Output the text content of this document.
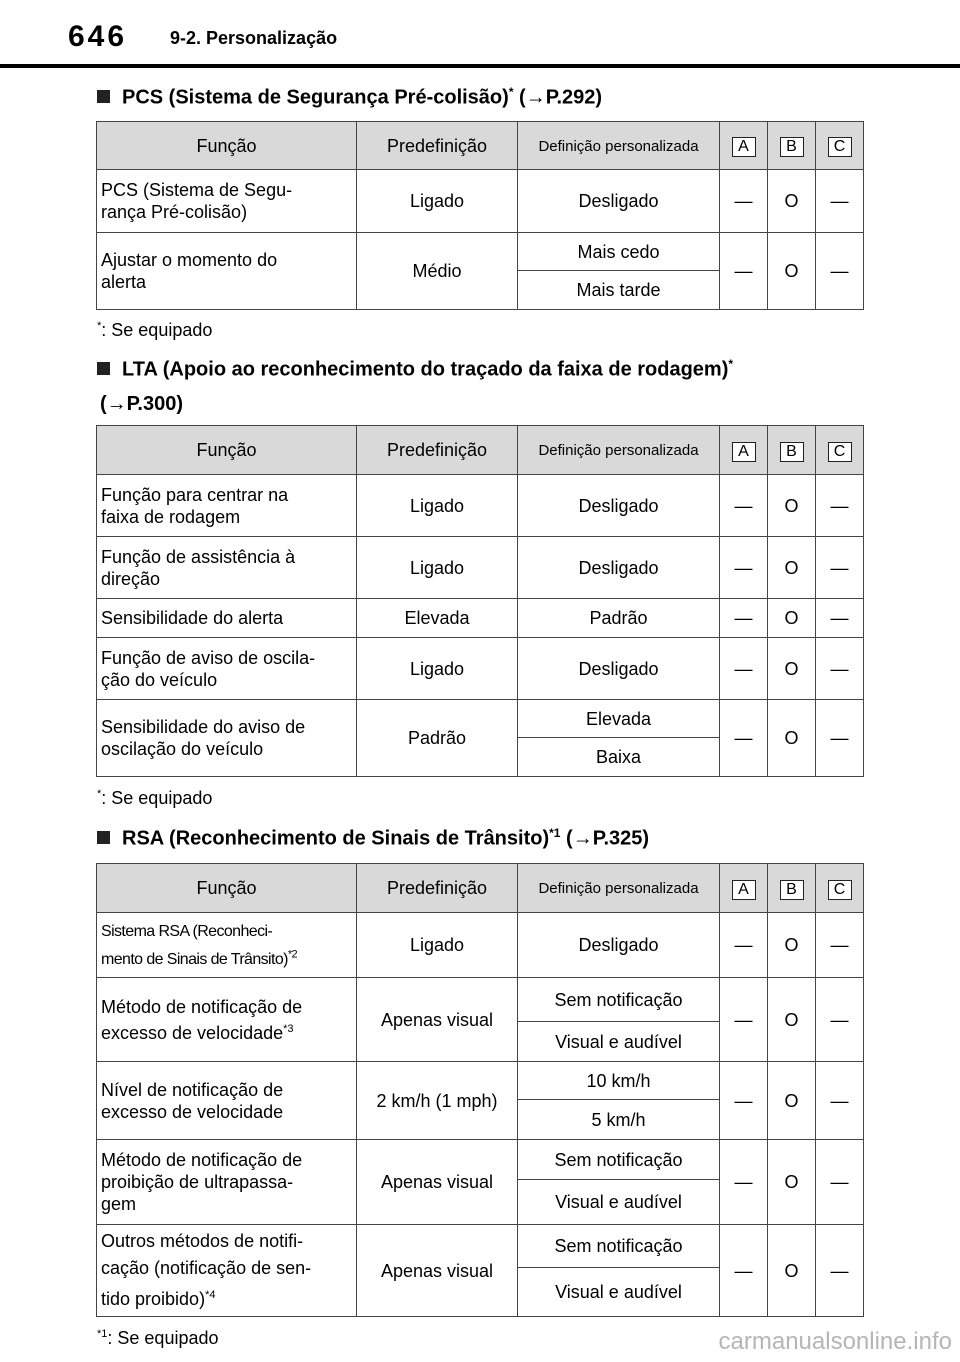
646 9-2. Personalização
PCS (Sistema de Segurança Pré-colisão)* (→P.292)
Função	Predefinição	Definição personalizada	A	B	C
PCS (Sistema de Segu-
rança Pré-colisão)	Ligado	Desligado	—	O	—
Ajustar o momento do
alerta	Médio	Mais cedo	—	O	—
		Mais tarde			
*: Se equipado
LTA (Apoio ao reconhecimento do traçado da faixa de rodagem)*
(→P.300)
Função	Predefinição	Definição personalizada	A	B	C
Função para centrar na
faixa de rodagem	Ligado	Desligado	—	O	—
Função de assistência à
direção	Ligado	Desligado	—	O	—
Sensibilidade do alerta	Elevada	Padrão	—	O	—
Função de aviso de oscila-
ção do veículo	Ligado	Desligado	—	O	—
Sensibilidade do aviso de
oscilação do veículo	Padrão	Elevada	—	O	—
		Baixa			
*: Se equipado
RSA (Reconhecimento de Sinais de Trânsito)$^{*1}$ (→P.325)
Função	Predefinição	Definição personalizada	A	B	C
Sistema RSA (Reconheci-
mento de Sinais de Trânsito)$^{*2}$	Ligado	Desligado	—	O	—
Método de notificação de
excesso de velocidade$^{*3}$	Apenas visual	Sem notificação	—	O	—
		Visual e audível			
Nível de notificação de
excesso de velocidade	2 km/h (1 mph)	10 km/h	—	O	—
		5 km/h			
Método de notificação de
proibição de ultrapassa-
gem	Apenas visual	Sem notificação	—	O	—
		Visual e audível			
Outros métodos de notifi-
cação (notificação de sen-
tido proibido)$^{*4}$	Apenas visual	Sem notificação	—	O	—
		Visual e audível			
$^{*1}$: Se equipado	carmanualsonline.info
